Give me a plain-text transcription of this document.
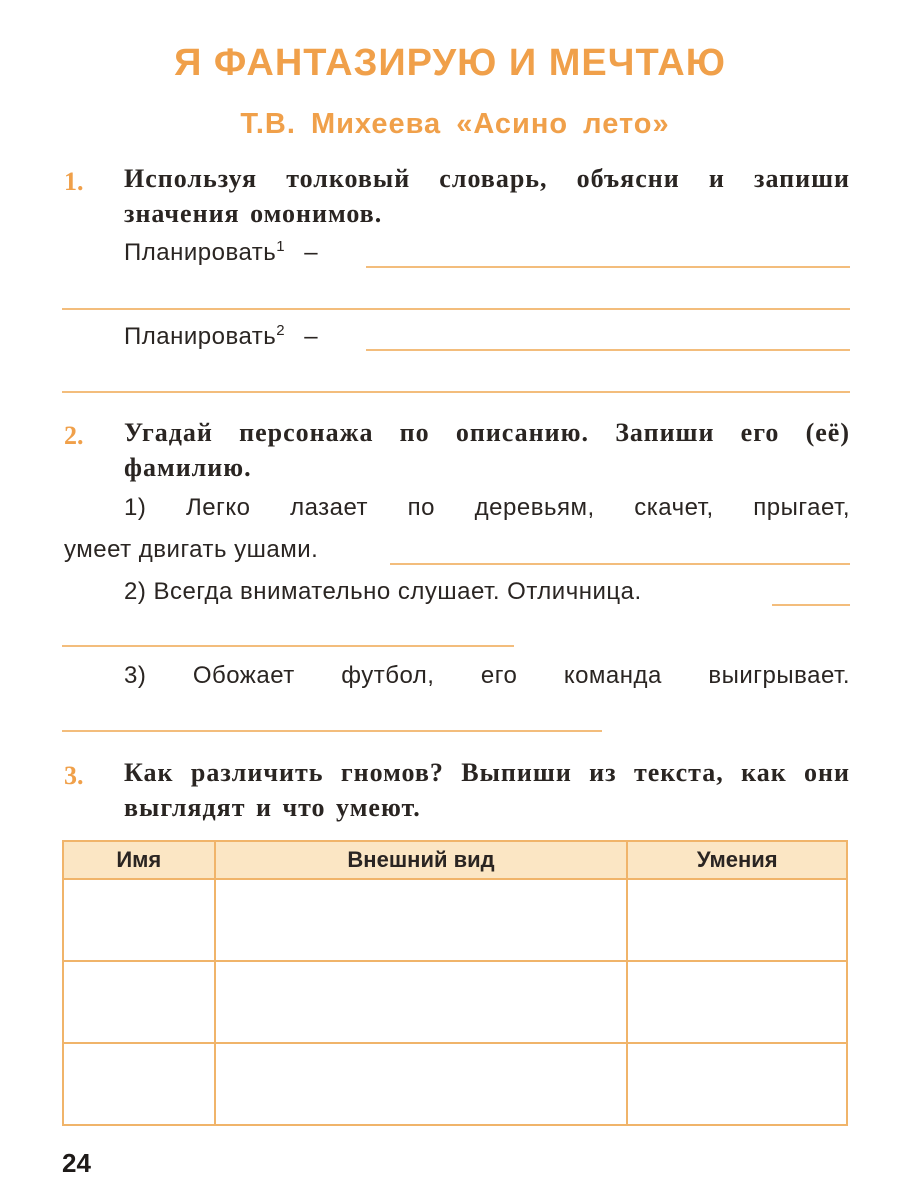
Я ФАНТАЗИРУЮ И МЕЧТАЮ
Т.В. Михеева «Асино лето»
1. Используя толковый словарь, объясни и запиши значения омонимов.
Планировать$^1$ –
Планировать$^2$ –
2. Угадай персонажа по описанию. Запиши его (её) фамилию.
1) Легко лазает по деревьям, скачет, прыгает,
умеет двигать ушами.
2) Всегда внимательно слушает. Отличница.
3) Обожает футбол, его команда выигрывает.
3. Как различить гномов? Выпиши из текста, как они выглядят и что умеют.
Имя	Внешний вид	Умения

24
